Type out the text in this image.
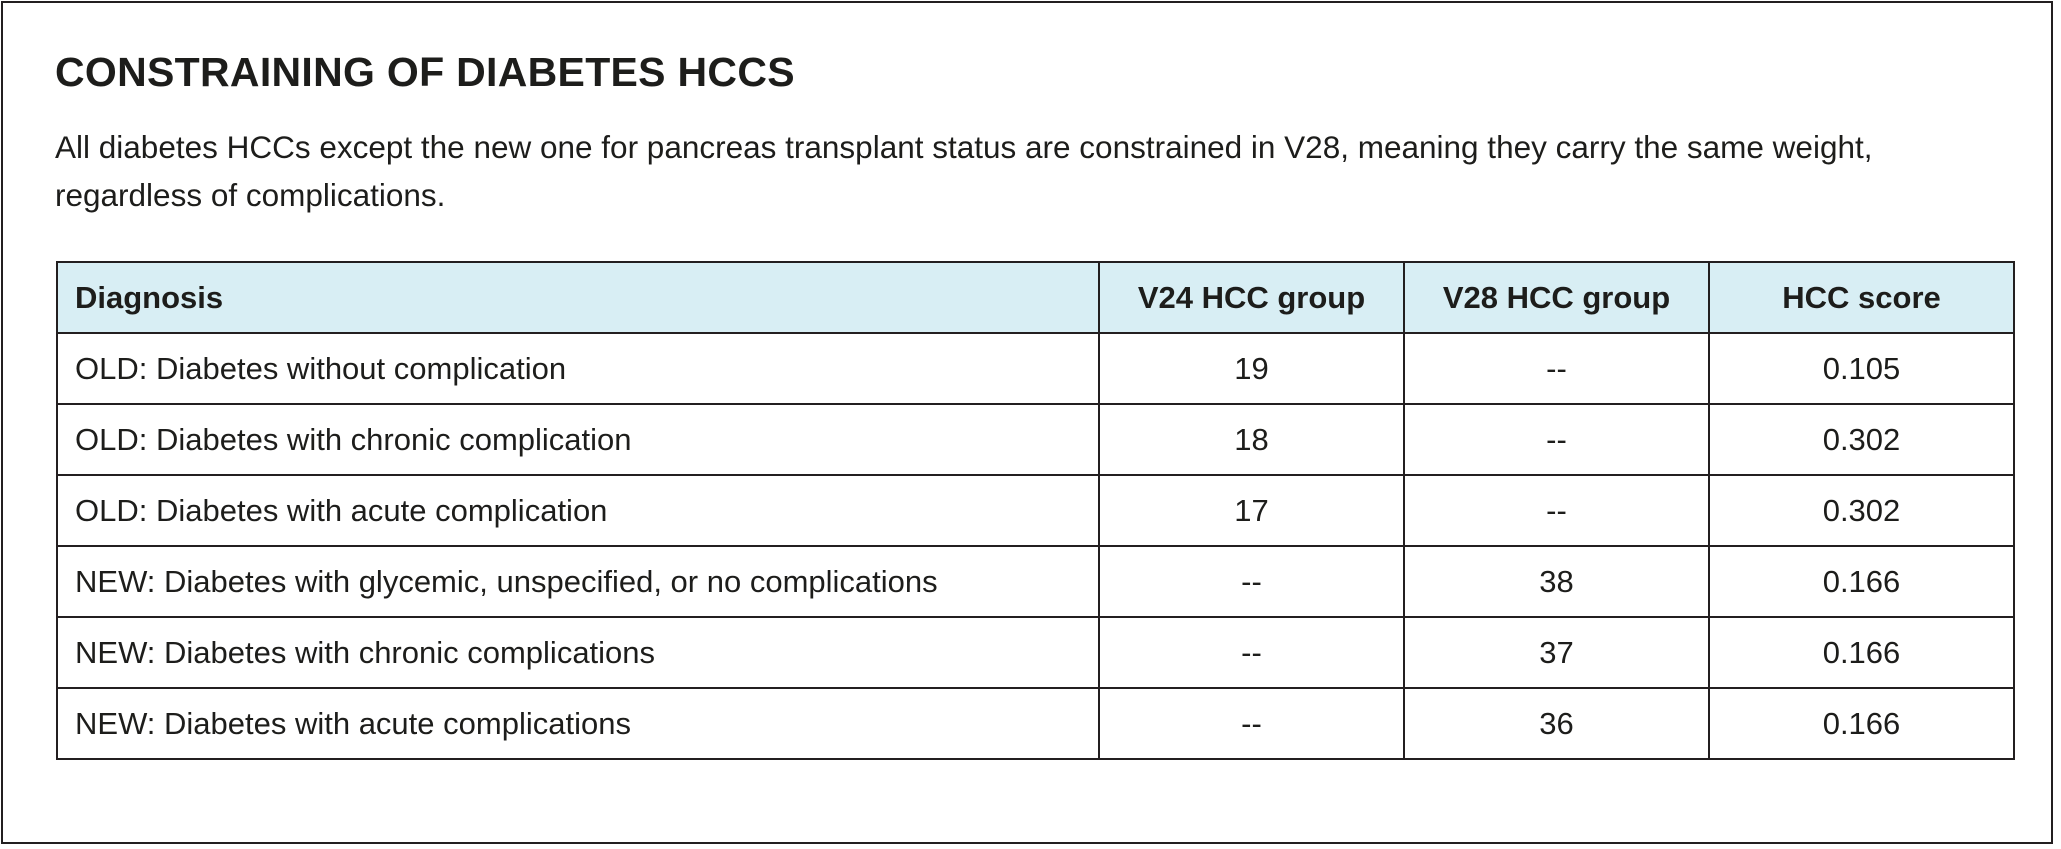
CONSTRAINING OF DIABETES HCCS

All diabetes HCCs except the new one for pancreas transplant status are constrained in V28, meaning they carry the same weight, regardless of complications.

Diagnosis	V24 HCC group	V28 HCC group	HCC score
OLD: Diabetes without complication	19	--	0.105
OLD: Diabetes with chronic complication	18	--	0.302
OLD: Diabetes with acute complication	17	--	0.302
NEW: Diabetes with glycemic, unspecified, or no complications	--	38	0.166
NEW: Diabetes with chronic complications	--	37	0.166
NEW: Diabetes with acute complications	--	36	0.166
